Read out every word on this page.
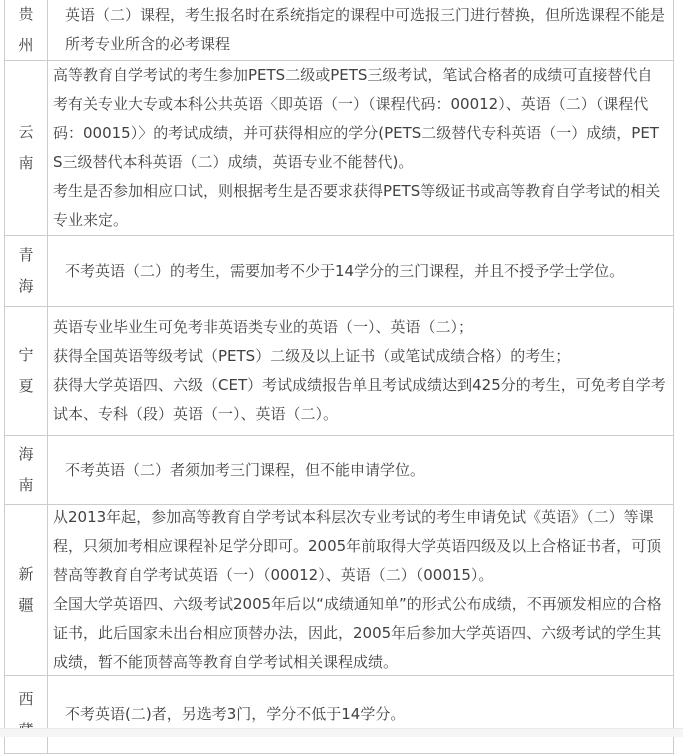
贵
州

英语（二）课程，考生报名时在系统指定的课程中可选报三门进行替换，但所选课程不能是所考专业所含的必考课程

云
南

高等教育自学考试的考生参加PETS二级或PETS三级考试，笔试合格者的成绩可直接替代自考有关专业大专或本科公共英语〈即英语（一）（课程代码：00012）、英语（二）（课程代码：00015）〉的考试成绩，并可获得相应的学分(PETS二级替代专科英语（一）成绩，PETS三级替代本科英语（二）成绩，英语专业不能替代)。

考生是否参加相应口试，则根据考生是否要求获得PETS等级证书或高等教育自学考试的相关专业来定。

青
海

不考英语（二）的考生，需要加考不少于14学分的三门课程，并且不授予学士学位。

宁
夏

英语专业毕业生可免考非英语类专业的英语（一）、英语（二）；

获得全国英语等级考试（PETS）二级及以上证书（或笔试成绩合格）的考生；

获得大学英语四、六级（CET）考试成绩报告单且考试成绩达到425分的考生，可免考自学考试本、专科（段）英语（一）、英语（二）。

海
南

不考英语（二）者须加考三门课程，但不能申请学位。

新
疆

从2013年起，参加高等教育自学考试本科层次专业考试的考生申请免试《英语》（二）等课程，只须加考相应课程补足学分即可。2005年前取得大学英语四级及以上合格证书者，可顶替高等教育自学考试英语（一）（00012）、英语（二）（00015）。

全国大学英语四、六级考试2005年后以“成绩通知单”的形式公布成绩，不再颁发相应的合格证书，此后国家未出台相应顶替办法，因此，2005年后参加大学英语四、六级考试的学生其成绩，暂不能顶替高等教育自学考试相关课程成绩。

西

不考英语(二)者，另选考3门，学分不低于14学分。
